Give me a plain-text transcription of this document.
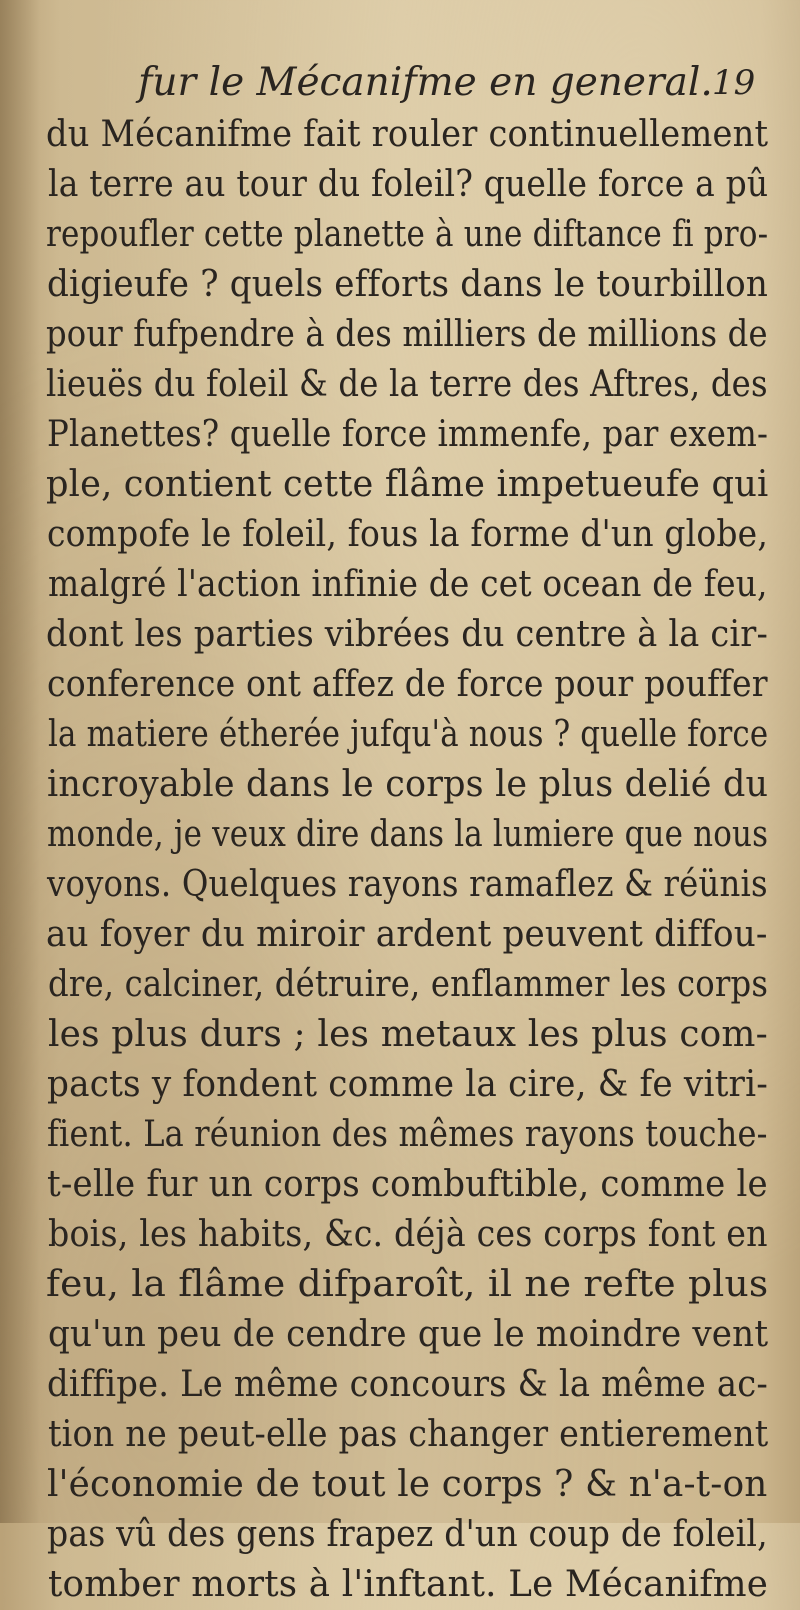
fur le Mécanifme en general. 19
du Mécanifme fait rouler continuellement
la terre au tour du foleil? quelle force a pû
repoufler cette planette à une diftance fi pro-
digieufe ? quels efforts dans le tourbillon
pour fufpendre à des milliers de millions de
lieuës du foleil & de la terre des Aftres, des
Planettes? quelle force immenfe, par exem-
ple, contient cette flâme impetueufe qui
compofe le foleil, fous la forme d'un globe,
malgré l'action infinie de cet ocean de feu,
dont les parties vibrées du centre à la cir-
conference ont affez de force pour pouffer
la matiere étherée jufqu'à nous ? quelle force
incroyable dans le corps le plus delié du
monde, je veux dire dans la lumiere que nous
voyons. Quelques rayons ramaflez & réünis
au foyer du miroir ardent peuvent diffou-
dre, calciner, détruire, enflammer les corps
les plus durs ; les metaux les plus com-
pacts y fondent comme la cire, & fe vitri-
fient. La réunion des mêmes rayons touche-
t-elle fur un corps combuftible, comme le
bois, les habits, &c. déjà ces corps font en
feu, la flâme difparoît, il ne refte plus
qu'un peu de cendre que le moindre vent
diffipe. Le même concours & la même ac-
tion ne peut-elle pas changer entierement
l'économie de tout le corps ? & n'a-t-on
pas vû des gens frapez d'un coup de foleil,
tomber morts à l'inftant. Le Mécanifme
